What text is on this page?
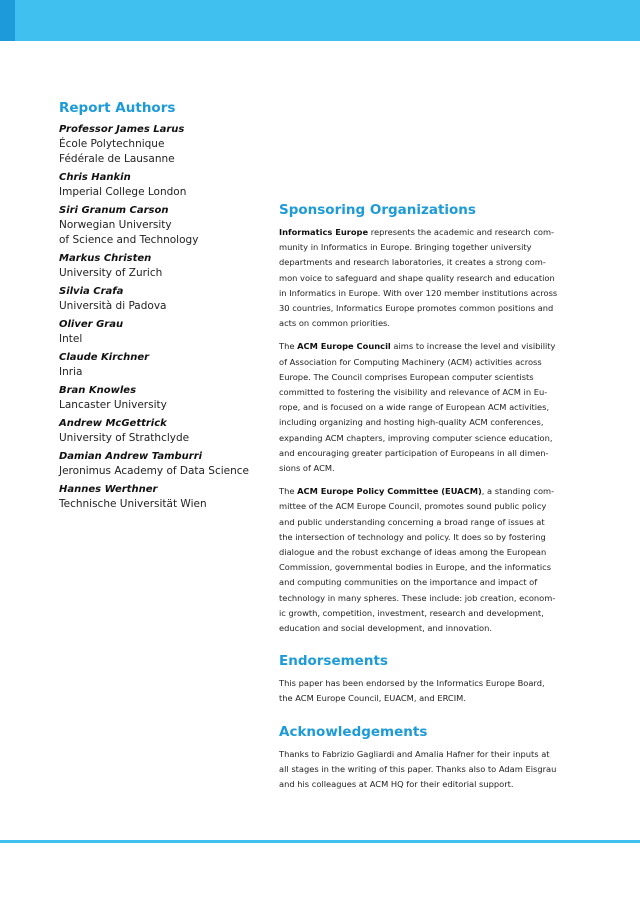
Report Authors
Professor James Larus
École Polytechnique
Fédérale de Lausanne
Chris Hankin
Imperial College London
Siri Granum Carson
Norwegian University
of Science and Technology
Markus Christen
University of Zurich
Silvia Crafa
Università di Padova
Oliver Grau
Intel
Claude Kirchner
Inria
Bran Knowles
Lancaster University
Andrew McGettrick
University of Strathclyde
Damian Andrew Tamburri
Jeronimus Academy of Data Science
Hannes Werthner
Technische Universität Wien
Sponsoring Organizations

Informatics Europe represents the academic and research com-
munity in Informatics in Europe. Bringing together university
departments and research laboratories, it creates a strong com-
mon voice to safeguard and shape quality research and education
in Informatics in Europe. With over 120 member institutions across
30 countries, Informatics Europe promotes common positions and
acts on common priorities.

The ACM Europe Council aims to increase the level and visibility
of Association for Computing Machinery (ACM) activities across
Europe. The Council comprises European computer scientists
committed to fostering the visibility and relevance of ACM in Eu-
rope, and is focused on a wide range of European ACM activities,
including organizing and hosting high-quality ACM conferences,
expanding ACM chapters, improving computer science education,
and encouraging greater participation of Europeans in all dimen-
sions of ACM.

The ACM Europe Policy Committee (EUACM), a standing com-
mittee of the ACM Europe Council, promotes sound public policy
and public understanding concerning a broad range of issues at
the intersection of technology and policy. It does so by fostering
dialogue and the robust exchange of ideas among the European
Commission, governmental bodies in Europe, and the informatics
and computing communities on the importance and impact of
technology in many spheres. These include: job creation, econom-
ic growth, competition, investment, research and development,
education and social development, and innovation.

Endorsements

This paper has been endorsed by the Informatics Europe Board,
the ACM Europe Council, EUACM, and ERCIM.

Acknowledgements

Thanks to Fabrizio Gagliardi and Amalia Hafner for their inputs at
all stages in the writing of this paper. Thanks also to Adam Eisgrau
and his colleagues at ACM HQ for their editorial support.
